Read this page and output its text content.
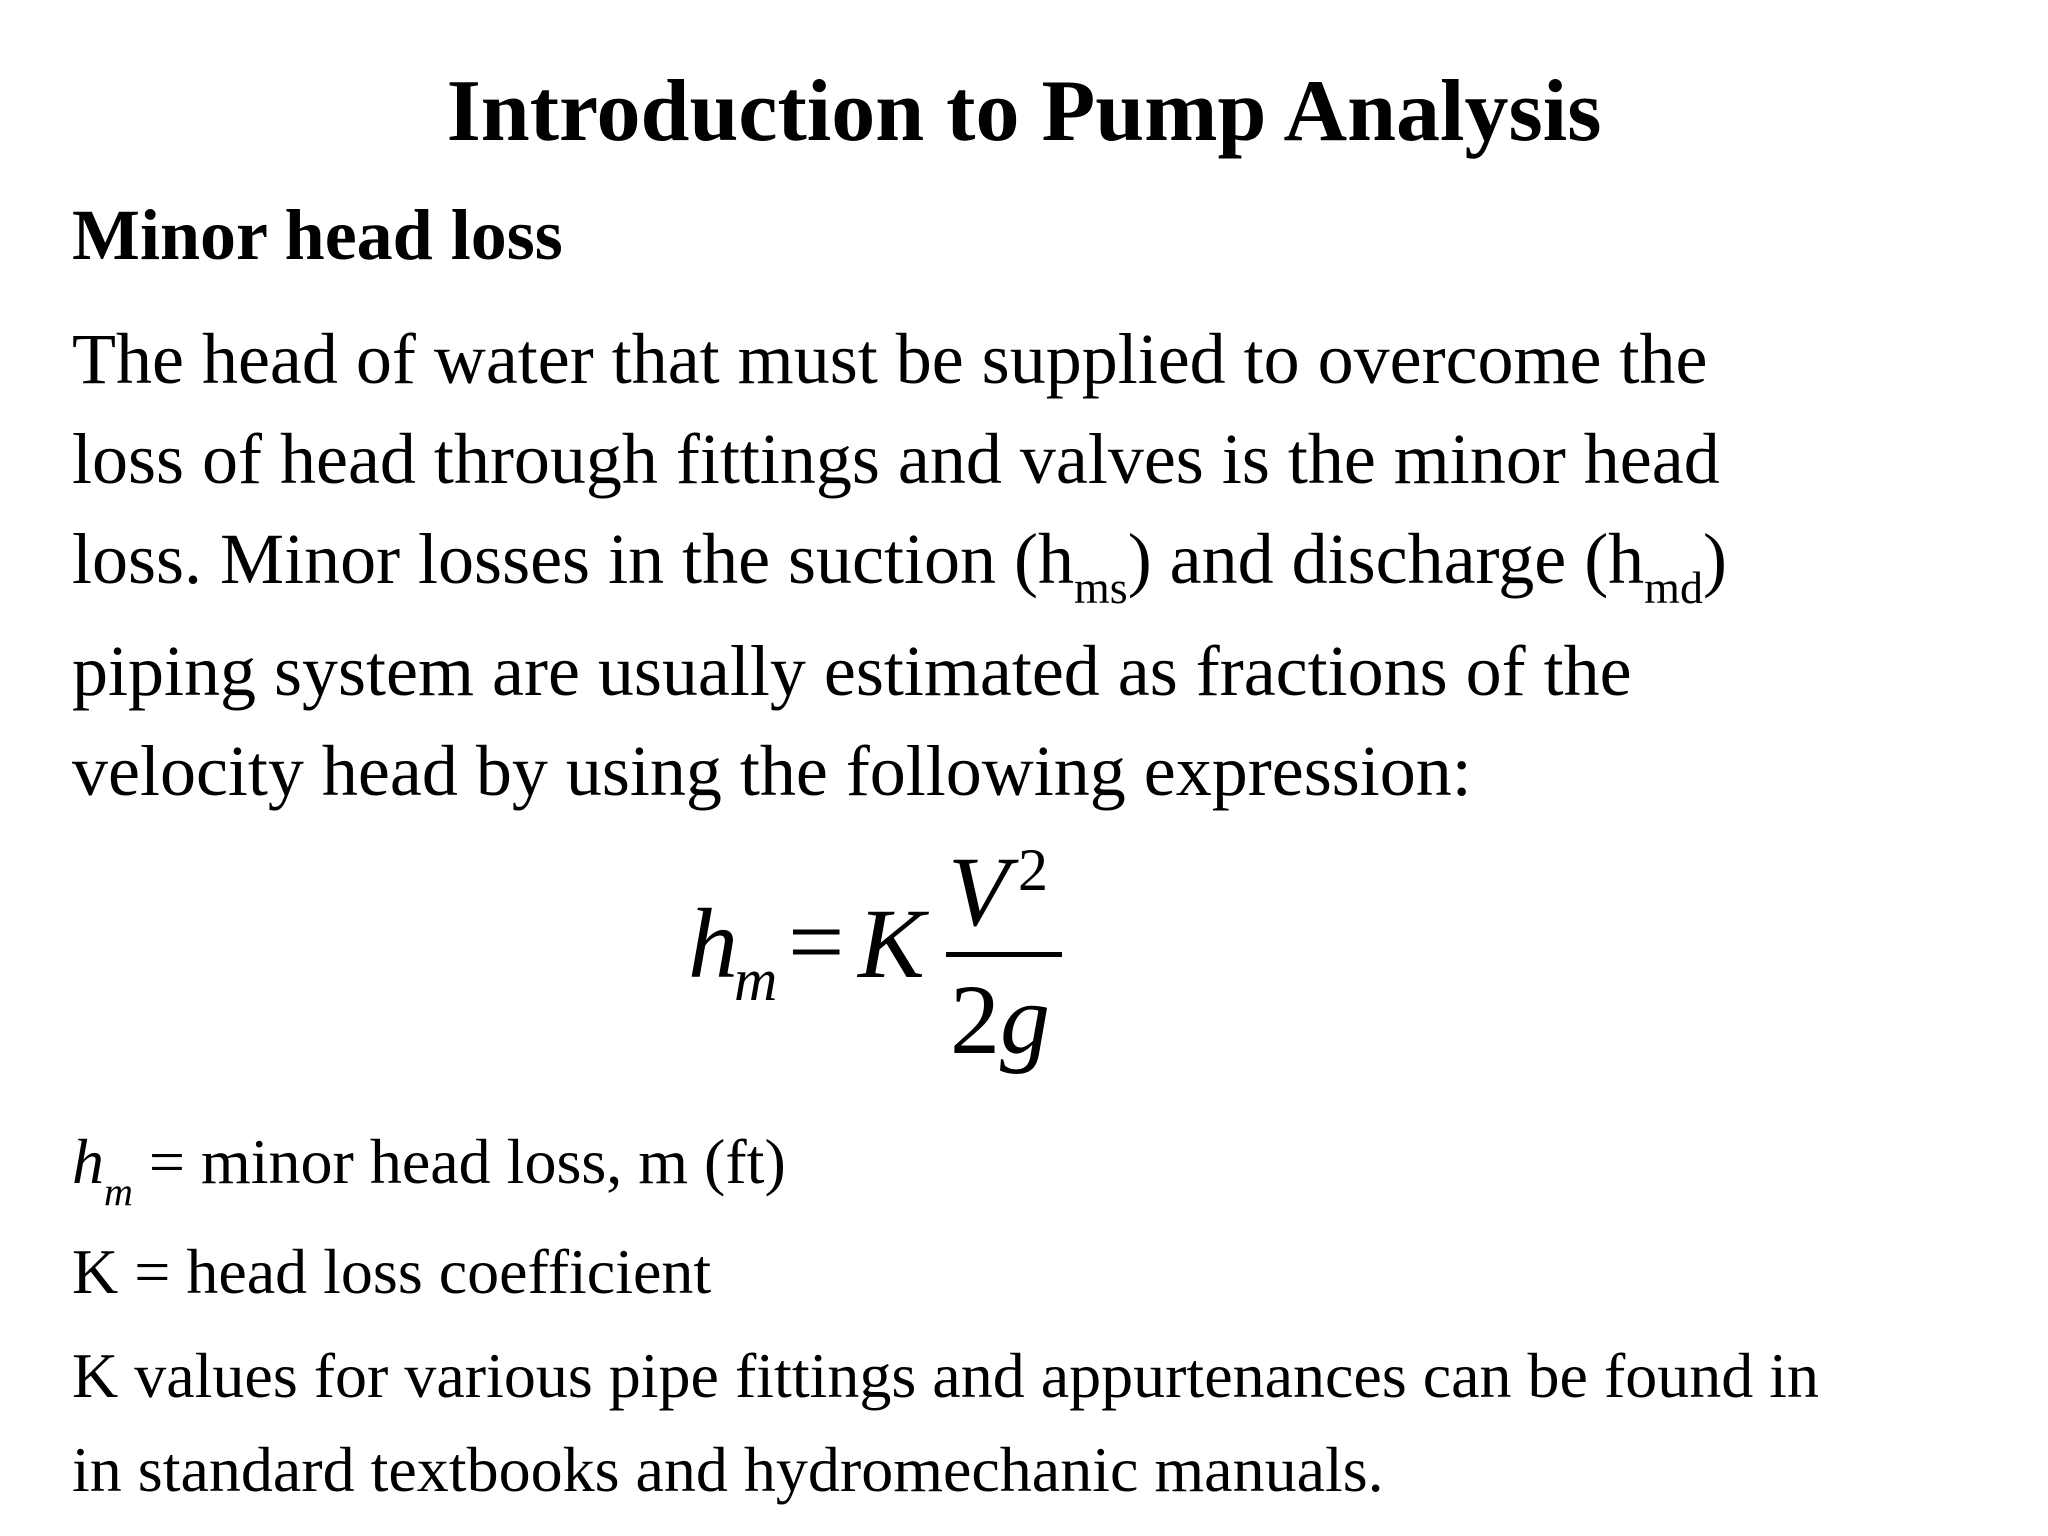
Introduction to Pump Analysis
Minor head loss
The head of water that must be supplied to overcome the
loss of head through fittings and valves is the minor head
loss. Minor losses in the suction $(h_{ms})$ and discharge $(h_{md})$
piping system are usually estimated as fractions of the
velocity head by using the following expression:
h
m = K V 2
2g

$h_m$ = minor head loss, m (ft)

K = head loss coefficient

K values for various pipe fittings and appurtenances can be found in

in standard textbooks and hydromechanic manuals.
